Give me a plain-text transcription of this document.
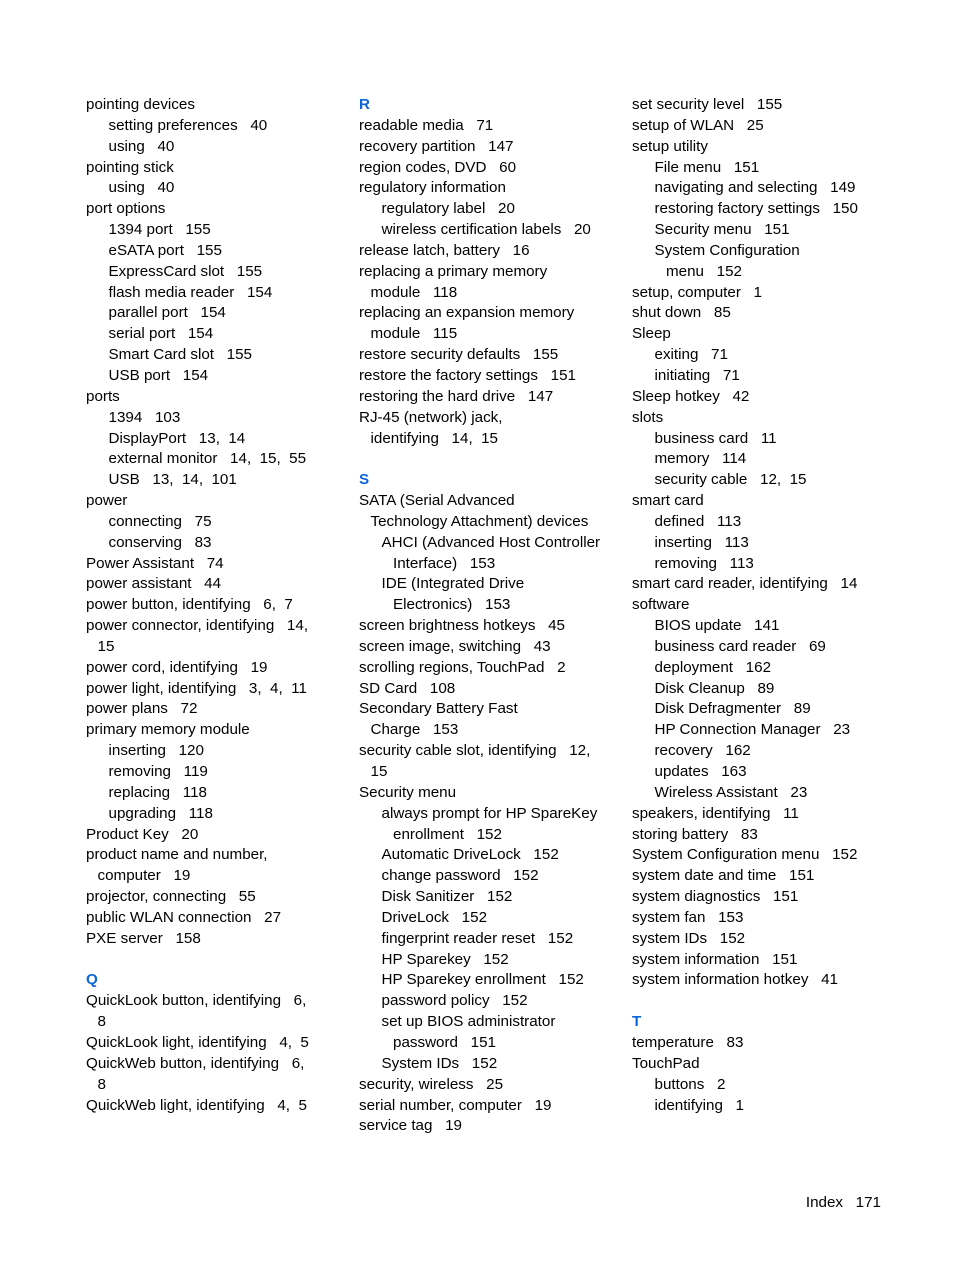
pointing devices
setting preferences   40
using   40
pointing stick
using   40
port options
1394 port   155
eSATA port   155
ExpressCard slot   155
flash media reader   154
parallel port   154
serial port   154
Smart Card slot   155
USB port   154
ports
1394   103
DisplayPort   13,  14
external monitor   14,  15,  55
USB   13,  14,  101
power
connecting   75
conserving   83
Power Assistant   74
power assistant   44
power button, identifying   6,  7
power connector, identifying   14,
15
power cord, identifying   19
power light, identifying   3,  4,  11
power plans   72
primary memory module
inserting   120
removing   119
replacing   118
upgrading   118
Product Key   20
product name and number,
computer   19
projector, connecting   55
public WLAN connection   27
PXE server   158
Q
QuickLook button, identifying   6,
8
QuickLook light, identifying   4,  5
QuickWeb button, identifying   6,
8
QuickWeb light, identifying   4,  5
R
readable media   71
recovery partition   147
region codes, DVD   60
regulatory information
regulatory label   20
wireless certification labels   20
release latch, battery   16
replacing a primary memory
module   118
replacing an expansion memory
module   115
restore security defaults   155
restore the factory settings   151
restoring the hard drive   147
RJ-45 (network) jack,
identifying   14,  15
S
SATA (Serial Advanced
Technology Attachment) devices
AHCI (Advanced Host Controller
Interface)   153
IDE (Integrated Drive
Electronics)   153
screen brightness hotkeys   45
screen image, switching   43
scrolling regions, TouchPad   2
SD Card   108
Secondary Battery Fast
Charge   153
security cable slot, identifying   12,
15
Security menu
always prompt for HP SpareKey
enrollment   152
Automatic DriveLock   152
change password   152
Disk Sanitizer   152
DriveLock   152
fingerprint reader reset   152
HP Sparekey   152
HP Sparekey enrollment   152
password policy   152
set up BIOS administrator
password   151
System IDs   152
security, wireless   25
serial number, computer   19
service tag   19
set security level   155
setup of WLAN   25
setup utility
File menu   151
navigating and selecting   149
restoring factory settings   150
Security menu   151
System Configuration
menu   152
setup, computer   1
shut down   85
Sleep
exiting   71
initiating   71
Sleep hotkey   42
slots
business card   11
memory   114
security cable   12,  15
smart card
defined   113
inserting   113
removing   113
smart card reader, identifying   14
software
BIOS update   141
business card reader   69
deployment   162
Disk Cleanup   89
Disk Defragmenter   89
HP Connection Manager   23
recovery   162
updates   163
Wireless Assistant   23
speakers, identifying   11
storing battery   83
System Configuration menu   152
system date and time   151
system diagnostics   151
system fan   153
system IDs   152
system information   151
system information hotkey   41
T
temperature   83
TouchPad
buttons   2
identifying   1
Index   171
